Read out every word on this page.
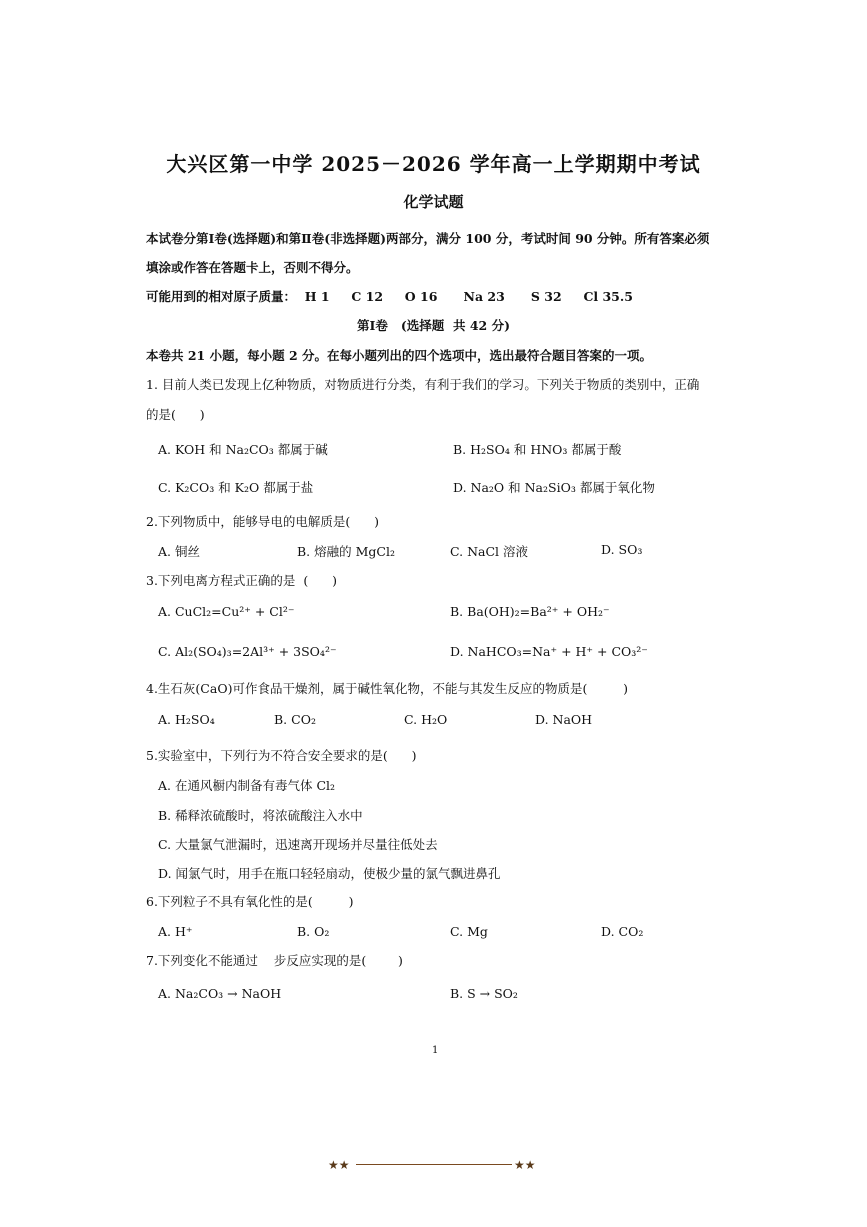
大兴区第一中学 2025－2026 学年高一上学期期中考试
化学试题
本试卷分第Ⅰ卷(选择题)和第Ⅱ卷(非选择题)两部分，满分 100 分，考试时间 90 分钟。所有答案必须
填涂或作答在答题卡上，否则不得分。
可能用到的相对原子质量：  H 1     C 12     O 16      Na 23      S 32     Cl 35.5
第Ⅰ卷   (选择题  共 42 分)
本卷共 21 小题，每小题 2 分。在每小题列出的四个选项中，选出最符合题目答案的一项。
1. 目前人类已发现上亿种物质，对物质进行分类，有利于我们的学习。下列关于物质的类别中，正确
的是(      )
A. KOH 和 Na₂CO₃ 都属于碱	B. H₂SO₄ 和 HNO₃ 都属于酸
C. K₂CO₃ 和 K₂O 都属于盐	D. Na₂O 和 Na₂SiO₃ 都属于氧化物
2.下列物质中，能够导电的电解质是(      )
A. 铜丝	B. 熔融的 MgCl₂	C. NaCl 溶液	D. SO₃
3.下列电离方程式正确的是  (      )
A. CuCl₂=Cu²⁺ + Cl²⁻	B. Ba(OH)₂=Ba²⁺ + OH₂⁻
C. Al₂(SO₄)₃=2Al³⁺ + 3SO₄²⁻	D. NaHCO₃=Na⁺ + H⁺ + CO₃²⁻
4.生石灰(CaO)可作食品干燥剂，属于碱性氧化物，不能与其发生反应的物质是(         )
A. H₂SO₄	B. CO₂	C. H₂O	D. NaOH
5.实验室中，下列行为不符合安全要求的是(      )
A. 在通风橱内制备有毒气体 Cl₂
B. 稀释浓硫酸时，将浓硫酸注入水中
C. 大量氯气泄漏时，迅速离开现场并尽量往低处去
D. 闻氯气时，用手在瓶口轻轻扇动，使极少量的氯气飘进鼻孔
6.下列粒子不具有氧化性的是(         )
A. H⁺	B. O₂	C. Mg	D. CO₂
7.下列变化不能通过    步反应实现的是(        )
A. Na₂CO₃ → NaOH	B. S → SO₂
1
★★	★★
